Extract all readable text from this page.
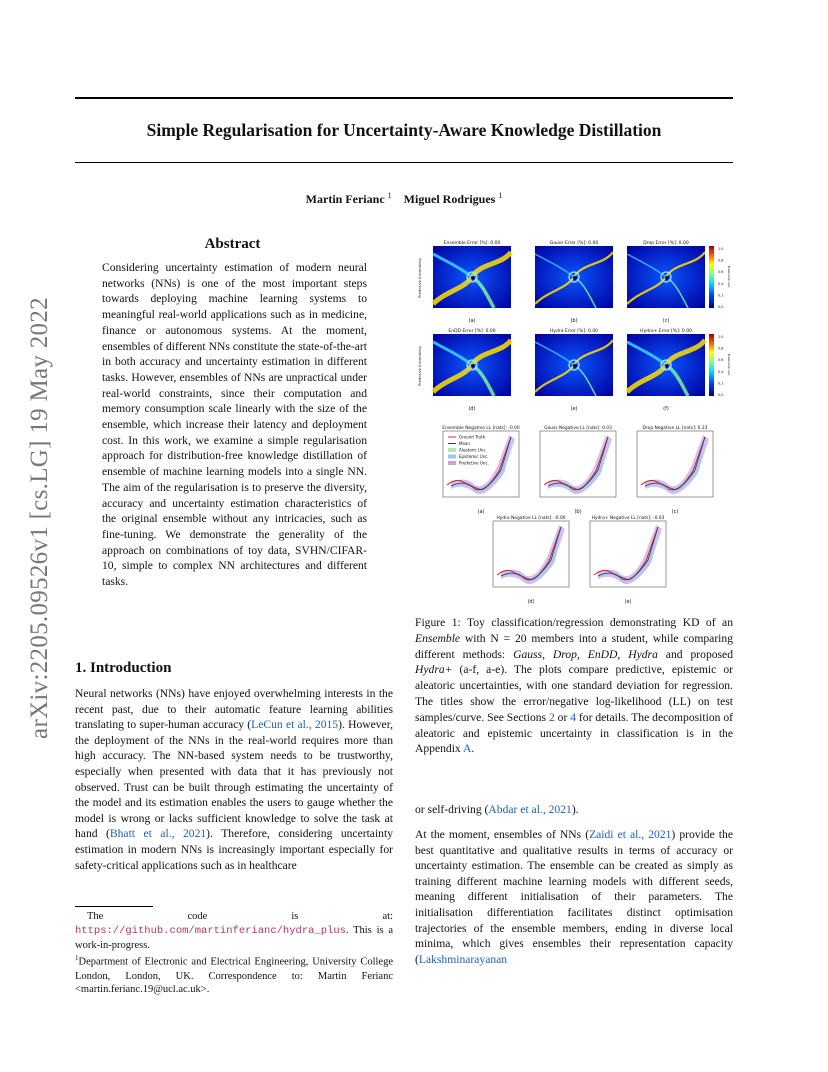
Simple Regularisation for Uncertainty-Aware Knowledge Distillation
Martin Ferianc $^1$ Miguel Rodrigues $^1$
arXiv:2205.09526v1 [cs.LG] 19 May 2022
Abstract
Considering uncertainty estimation of modern neural networks (NNs) is one of the most important steps towards deploying machine learning systems to meaningful real-world applications such as in medicine, finance or autonomous systems. At the moment, ensembles of different NNs constitute the state-of-the-art in both accuracy and uncertainty estimation in different tasks. However, ensembles of NNs are unpractical under real-world constraints, since their computation and memory consumption scale linearly with the size of the ensemble, which increase their latency and deployment cost. In this work, we examine a simple regularisation approach for distribution-free knowledge distillation of ensemble of machine learning models into a single NN. The aim of the regularisation is to preserve the diversity, accuracy and uncertainty estimation characteristics of the original ensemble without any intricacies, such as fine-tuning. We demonstrate the generality of the approach on combinations of toy data, SVHN/CIFAR-10, simple to complex NN architectures and different tasks.
1. Introduction
Neural networks (NNs) have enjoyed overwhelming interests in the recent past, due to their automatic feature learning abilities translating to super-human accuracy (LeCun et al., 2015). However, the deployment of the NNs in the real-world requires more than high accuracy. The NN-based system needs to be trustworthy, especially when presented with data that it has previously not observed. Trust can be built through estimating the uncertainty of the model and its estimation enables the users to gauge whether the model is wrong or lacks sufficient knowledge to solve the task at hand (Bhatt et al., 2021). Therefore, considering uncertainty estimation in modern NNs is increasingly important especially for safety-critical applications such as in healthcare
The code is at: https://github.com/martinferianc/hydra_plus. This is a work-in-progress.
$^1$Department of Electronic and Electrical Engineering, University College London, London, UK. Correspondence to: Martin Ferianc <martin.ferianc.19@ucl.ac.uk>.
Ensemble Error [%]: 0.00
(a)
Gauss Error [%]: 0.00
(b)
Drop Error [%]: 0.00
(c)
EnDD Error [%]: 0.00
(d)
Hydra Error [%]: 0.00
(e)
Hydra+ Error [%]: 0.00
(f)
Predictive Uncertainty
Predictive Uncertainty
1.0
0.8
0.6
0.4
0.2
0.0
Predictive Unc.
1.0
0.8
0.6
0.4
0.2
0.0
Predictive Unc.
Ensemble Negative LL [nats]: -0.00
(a)
Gauss Negative LL [nats]: 0.03
(b)
Drop Negative LL [nats]: 0.23
(c)
Hydra Negative LL [nats]: -0.00
(d)
Hydra+ Negative LL [nats]: -0.03
(e)
Ground Truth
Mean
Aleatoric Unc.
Epistemic Unc.
Predictive Unc.
Figure 1: Toy classification/regression demonstrating KD of an Ensemble with N = 20 members into a student, while comparing different methods: Gauss, Drop, EnDD, Hydra and proposed Hydra+ (a-f, a-e). The plots compare predictive, epistemic or aleatoric uncertainties, with one standard deviation for regression. The titles show the error/negative log-likelihood (LL) on test samples/curve. See Sections 2 or 4 for details. The decomposition of aleatoric and epistemic uncertainty in classification is in the Appendix A.
or self-driving (Abdar et al., 2021).
At the moment, ensembles of NNs (Zaidi et al., 2021) provide the best quantitative and qualitative results in terms of accuracy or uncertainty estimation. The ensemble can be created as simply as training different machine learning models with different seeds, meaning different initialisation of their parameters. The initialisation differentiation facilitates distinct optimisation trajectories of the ensemble members, ending in diverse local minima, which gives ensembles their representation capacity (Lakshminarayanan
